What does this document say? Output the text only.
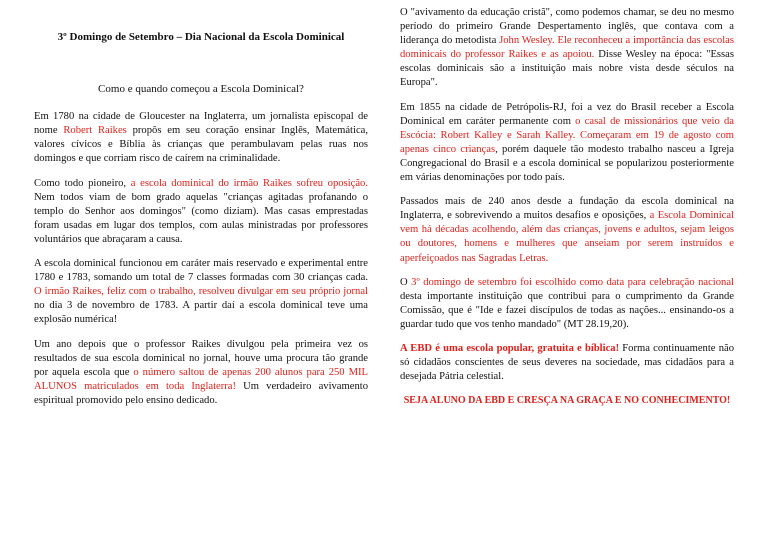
3º Domingo de Setembro – Dia Nacional da Escola Dominical
Como e quando começou a Escola Dominical?

Em 1780 na cidade de Gloucester na Inglaterra, um jornalista episcopal de nome Robert Raikes propôs em seu coração ensinar Inglês, Matemática, valores cívicos e Bíblia às crianças que perambulavam pelas ruas nos domingos e que corriam risco de caírem na criminalidade.

Como todo pioneiro, a escola dominical do irmão Raikes sofreu oposição. Nem todos viam de bom grado aquelas "crianças agitadas profanando o templo do Senhor aos domingos" (como diziam). Mas casas emprestadas foram usadas em lugar dos templos, com aulas ministradas por professores voluntários que abraçaram a causa.

A escola dominical funcionou em caráter mais reservado e experimental entre 1780 e 1783, somando um total de 7 classes formadas com 30 crianças cada. O irmão Raikes, feliz com o trabalho, resolveu divulgar em seu próprio jornal no dia 3 de novembro de 1783. A partir daí a escola dominical teve uma explosão numérica!

Um ano depois que o professor Raikes divulgou pela primeira vez os resultados de sua escola dominical no jornal, houve uma procura tão grande por aquela escola que o número saltou de apenas 200 alunos para 250 MIL ALUNOS matriculados em toda Inglaterra! Um verdadeiro avivamento espiritual promovido pelo ensino dedicado.

O "avivamento da educação cristã", como podemos chamar, se deu no mesmo período do primeiro Grande Despertamento inglês, que contava com a liderança do metodista John Wesley. Ele reconheceu a importância das escolas dominicais do professor Raikes e as apoiou. Disse Wesley na época: "Essas escolas dominicais são a instituição mais nobre vista desde séculos na Europa".

Em 1855 na cidade de Petrópolis-RJ, foi a vez do Brasil receber a Escola Dominical em caráter permanente com o casal de missionários que veio da Escócia: Robert Kalley e Sarah Kalley. Começaram em 19 de agosto com apenas cinco crianças, porém daquele tão modesto trabalho nasceu a Igreja Congregacional do Brasil e a escola dominical se popularizou posteriormente em várias denominações por todo país.

Passados mais de 240 anos desde a fundação da escola dominical na Inglaterra, e sobrevivendo a muitos desafios e oposições, a Escola Dominical vem há décadas acolhendo, além das crianças, jovens e adultos, sejam leigos ou doutores, homens e mulheres que anseiam por serem instruídos e aperfeiçoados nas Sagradas Letras.

O 3º domingo de setembro foi escolhido como data para celebração nacional desta importante instituição que contribui para o cumprimento da Grande Comissão, que é "Ide e fazei discípulos de todas as nações... ensinando-os a guardar tudo que vos tenho mandado" (MT 28.19,20).

A EBD é uma escola popular, gratuita e bíblica! Forma continuamente não só cidadãos conscientes de seus deveres na sociedade, mas cidadãos para a desejada Pátria celestial.

SEJA ALUNO DA EBD E CRESÇA NA GRAÇA E NO CONHECIMENTO!
